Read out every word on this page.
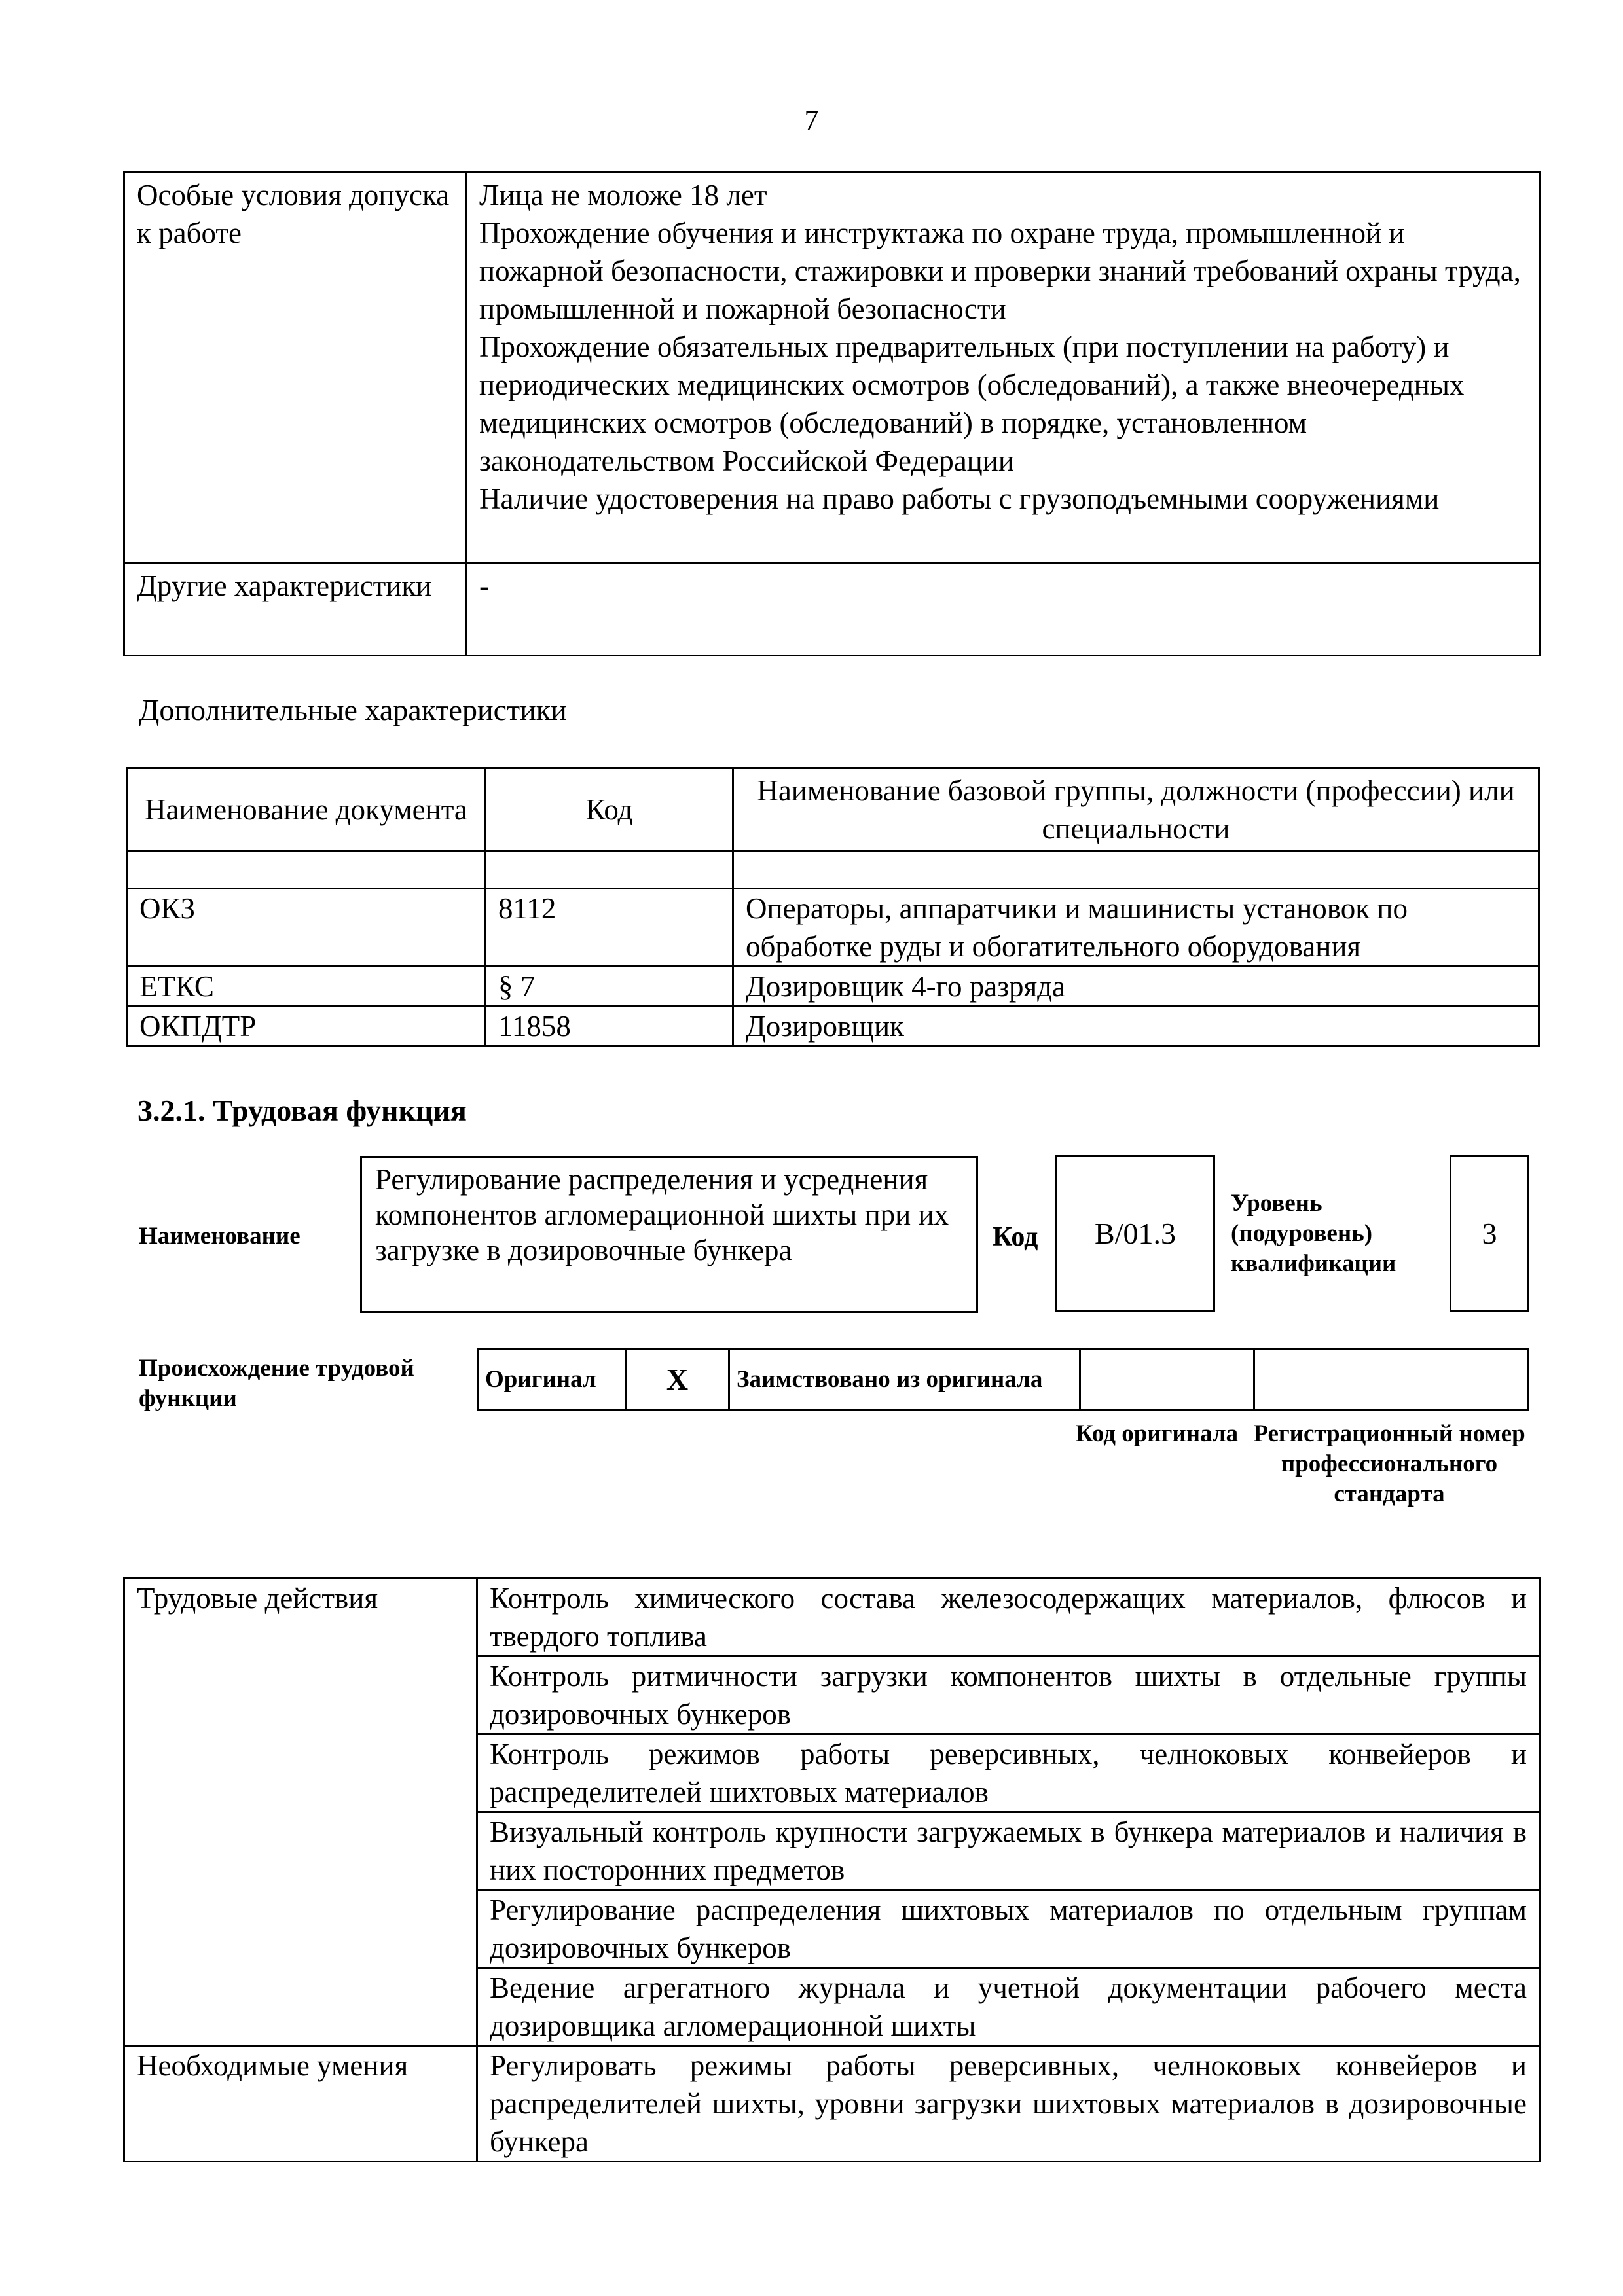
7
Особые условия допуска к работе	Лица не моложе 18 лет
Прохождение обучения и инструктажа по охране труда, промышленной и пожарной безопасности, стажировки и проверки знаний требований охраны труда, промышленной и пожарной безопасности
Прохождение обязательных предварительных (при поступлении на работу) и периодических медицинских осмотров (обследований), а также внеочередных медицинских осмотров (обследований) в порядке, установленном законодательством Российской Федерации
Наличие удостоверения на право работы с грузоподъемными сооружениями

Другие характеристики	-
Дополнительные характеристики
Наименование документа	Код	Наименование базовой группы, должности (профессии) или специальности

ОКЗ	8112	Операторы, аппаратчики и машинисты установок по обработке руды и обогатительного оборудования
ЕТКС	§ 7	Дозировщик 4-го разряда
ОКПДТР	11858	Дозировщик
3.2.1. Трудовая функция
Наименование
Регулирование распределения и усреднения компонентов агломерационной шихты при их загрузке в дозировочные бункера	Код B/01.3
Уровень (подуровень) квалификации
3
Происхождение трудовой функции
Оригинал	X	Заимствовано из оригинала		
Код оригинала Регистрационный номер профессионального стандарта
Трудовые действия	Контроль химического состава железосодержащих материалов, флюсов и твердого топлива
	Контроль ритмичности загрузки компонентов шихты в отдельные группы дозировочных бункеров
	Контроль режимов работы реверсивных, челноковых конвейеров и распределителей шихтовых материалов
	Визуальный контроль крупности загружаемых в бункера материалов и наличия в них посторонних предметов
	Регулирование распределения шихтовых материалов по отдельным группам дозировочных бункеров
	Ведение агрегатного журнала и учетной документации рабочего места дозировщика агломерационной шихты
Необходимые умения	Регулировать режимы работы реверсивных, челноковых конвейеров и распределителей шихты, уровни загрузки шихтовых материалов в дозировочные бункера
